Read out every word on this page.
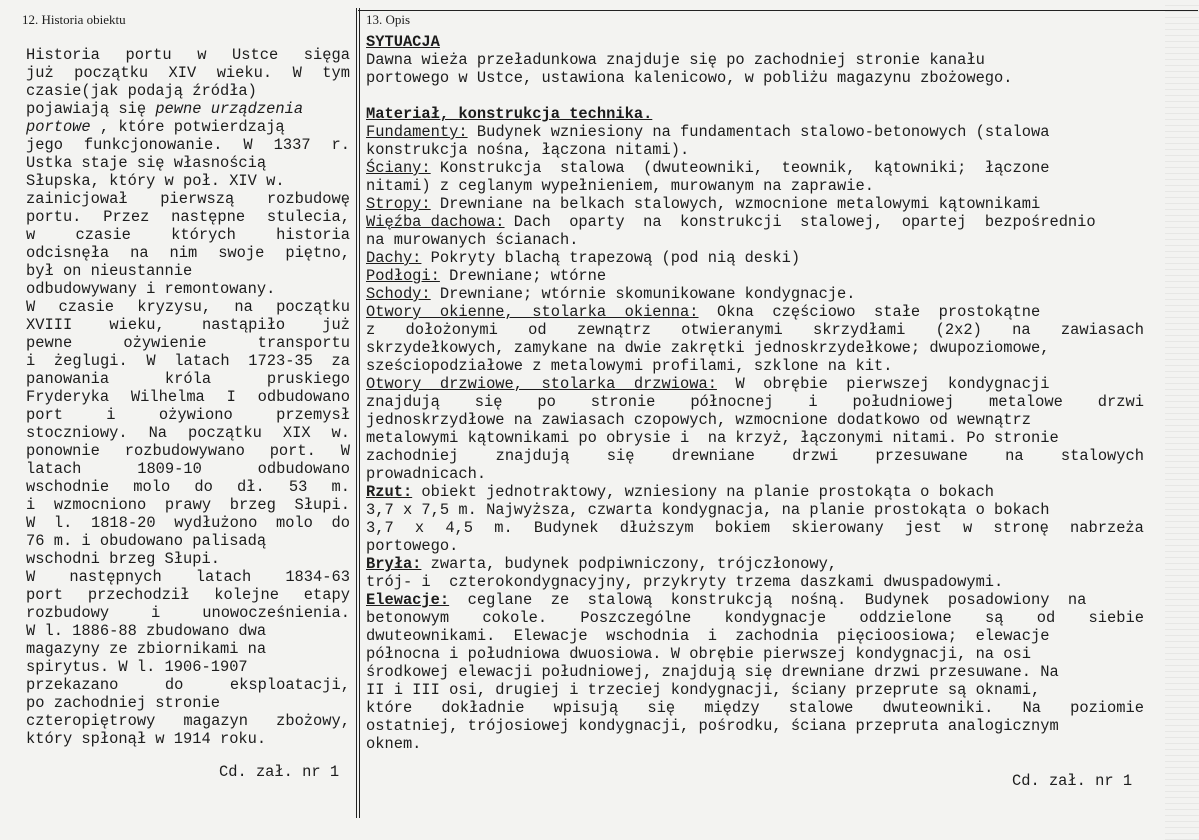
12. Historia obiektu	13. Opis
Historia portu w Ustce sięga
już początku XIV wieku. W tym
czasie(jak podają źródła)
pojawiają się pewne urządzenia
portowe , które potwierdzają
jego funkcjonowanie. W 1337 r.
Ustka staje się własnością
Słupska, który w poł. XIV w.
zainicjował pierwszą rozbudowę
portu. Przez następne stulecia,
w	czasie	których	historia
odcisnęła na nim swoje piętno,
był on nieustannie
odbudowywany i remontowany.
W czasie kryzysu, na początku
XVIII wieku, nastąpiło już
pewne	ożywienie	transportu
i żeglugi. W latach 1723-35 za
panowania	króla	pruskiego
Fryderyka Wilhelma I odbudowano
port	i	ożywiono	przemysł
stoczniowy. Na początku XIX w.
ponownie rozbudowywano port. W
latach	1809-10	odbudowano
wschodnie molo do dł. 53 m.
i wzmocniono prawy brzeg Słupi.
W l. 1818-20 wydłużono molo do
76 m. i obudowano palisadą
wschodni brzeg Słupi.
W następnych latach 1834-63
port przechodził kolejne etapy
rozbudowy	i	unowocześnienia.
W l. 1886-88 zbudowano dwa
magazyny ze zbiornikami na
spirytus. W l. 1906-1907
przekazano	do	eksploatacji,
po zachodniej stronie
czteropiętrowy magazyn zbożowy,
który spłonął w 1914 roku.
Cd. zał. nr 1
SYTUACJA
Dawna wieża przeładunkowa znajduje się po zachodniej stronie kanału
portowego w Ustce, ustawiona kalenicowo, w pobliżu magazynu zbożowego.
Materiał, konstrukcja technika.
Fundamenty: Budynek wzniesiony na fundamentach stalowo-betonowych (stalowa
konstrukcja nośna, łączona nitami).
Ściany: Konstrukcja  stalowa  (dwuteowniki,  teownik,  kątowniki;  łączone
nitami) z ceglanym wypełnieniem, murowanym na zaprawie.
Stropy: Drewniane na belkach stalowych, wzmocnione metalowymi kątownikami
Więźba dachowa: Dach  oparty  na  konstrukcji  stalowej,  opartej  bezpośrednio
na murowanych ścianach.
Dachy: Pokryty blachą trapezową (pod nią deski)
Podłogi: Drewniane; wtórne
Schody: Drewniane; wtórnie skomunikowane kondygnacje.
Otwory  okienne,  stolarka  okienna: Okna  częściowo  stałe  prostokątne
z dołożonymi od zewnątrz otwieranymi skrzydłami (2x2) na zawiasach
skrzydełkowych, zamykane na dwie zakrętki jednoskrzydełkowe; dwupoziomowe,
sześciopodziałowe z metalowymi profilami, szklone na kit.
Otwory  drzwiowe,  stolarka  drzwiowa: W  obrębie  pierwszej  kondygnacji
znajdują się po stronie północnej i południowej metalowe drzwi
jednoskrzydłowe na zawiasach czopowych, wzmocnione dodatkowo od wewnątrz
metalowymi kątownikami po obrysie i  na krzyż, łączonymi nitami. Po stronie
zachodniej znajdują się drewniane drzwi przesuwane na stalowych
prowadnicach.
Rzut: obiekt jednotraktowy, wzniesiony na planie prostokąta o bokach
3,7 x 7,5 m. Najwyższa, czwarta kondygnacja, na planie prostokąta o bokach
3,7 x 4,5 m. Budynek dłuższym bokiem skierowany jest w stronę nabrzeża
portowego.
Bryła: zwarta, budynek podpiwniczony, trójczłonowy,
trój- i  czterokondygnacyjny, przykryty trzema daszkami dwuspadowymi.
Elewacje: ceglane  ze  stalową  konstrukcją  nośną.  Budynek  posadowiony  na
betonowym cokole. Poszczególne kondygnacje oddzielone są od siebie
dwuteownikami.  Elewacje  wschodnia  i  zachodnia  pięcioosiowa;  elewacje
północna i południowa dwuosiowa. W obrębie pierwszej kondygnacji, na osi
środkowej elewacji południowej, znajdują się drewniane drzwi przesuwane. Na
II i III osi, drugiej i trzeciej kondygnacji, ściany przeprute są oknami,
które dokładnie wpisują się między stalowe dwuteowniki. Na poziomie
ostatniej, trójosiowej kondygnacji, pośrodku, ściana przepruta analogicznym
oknem.
Cd. zał. nr 1
